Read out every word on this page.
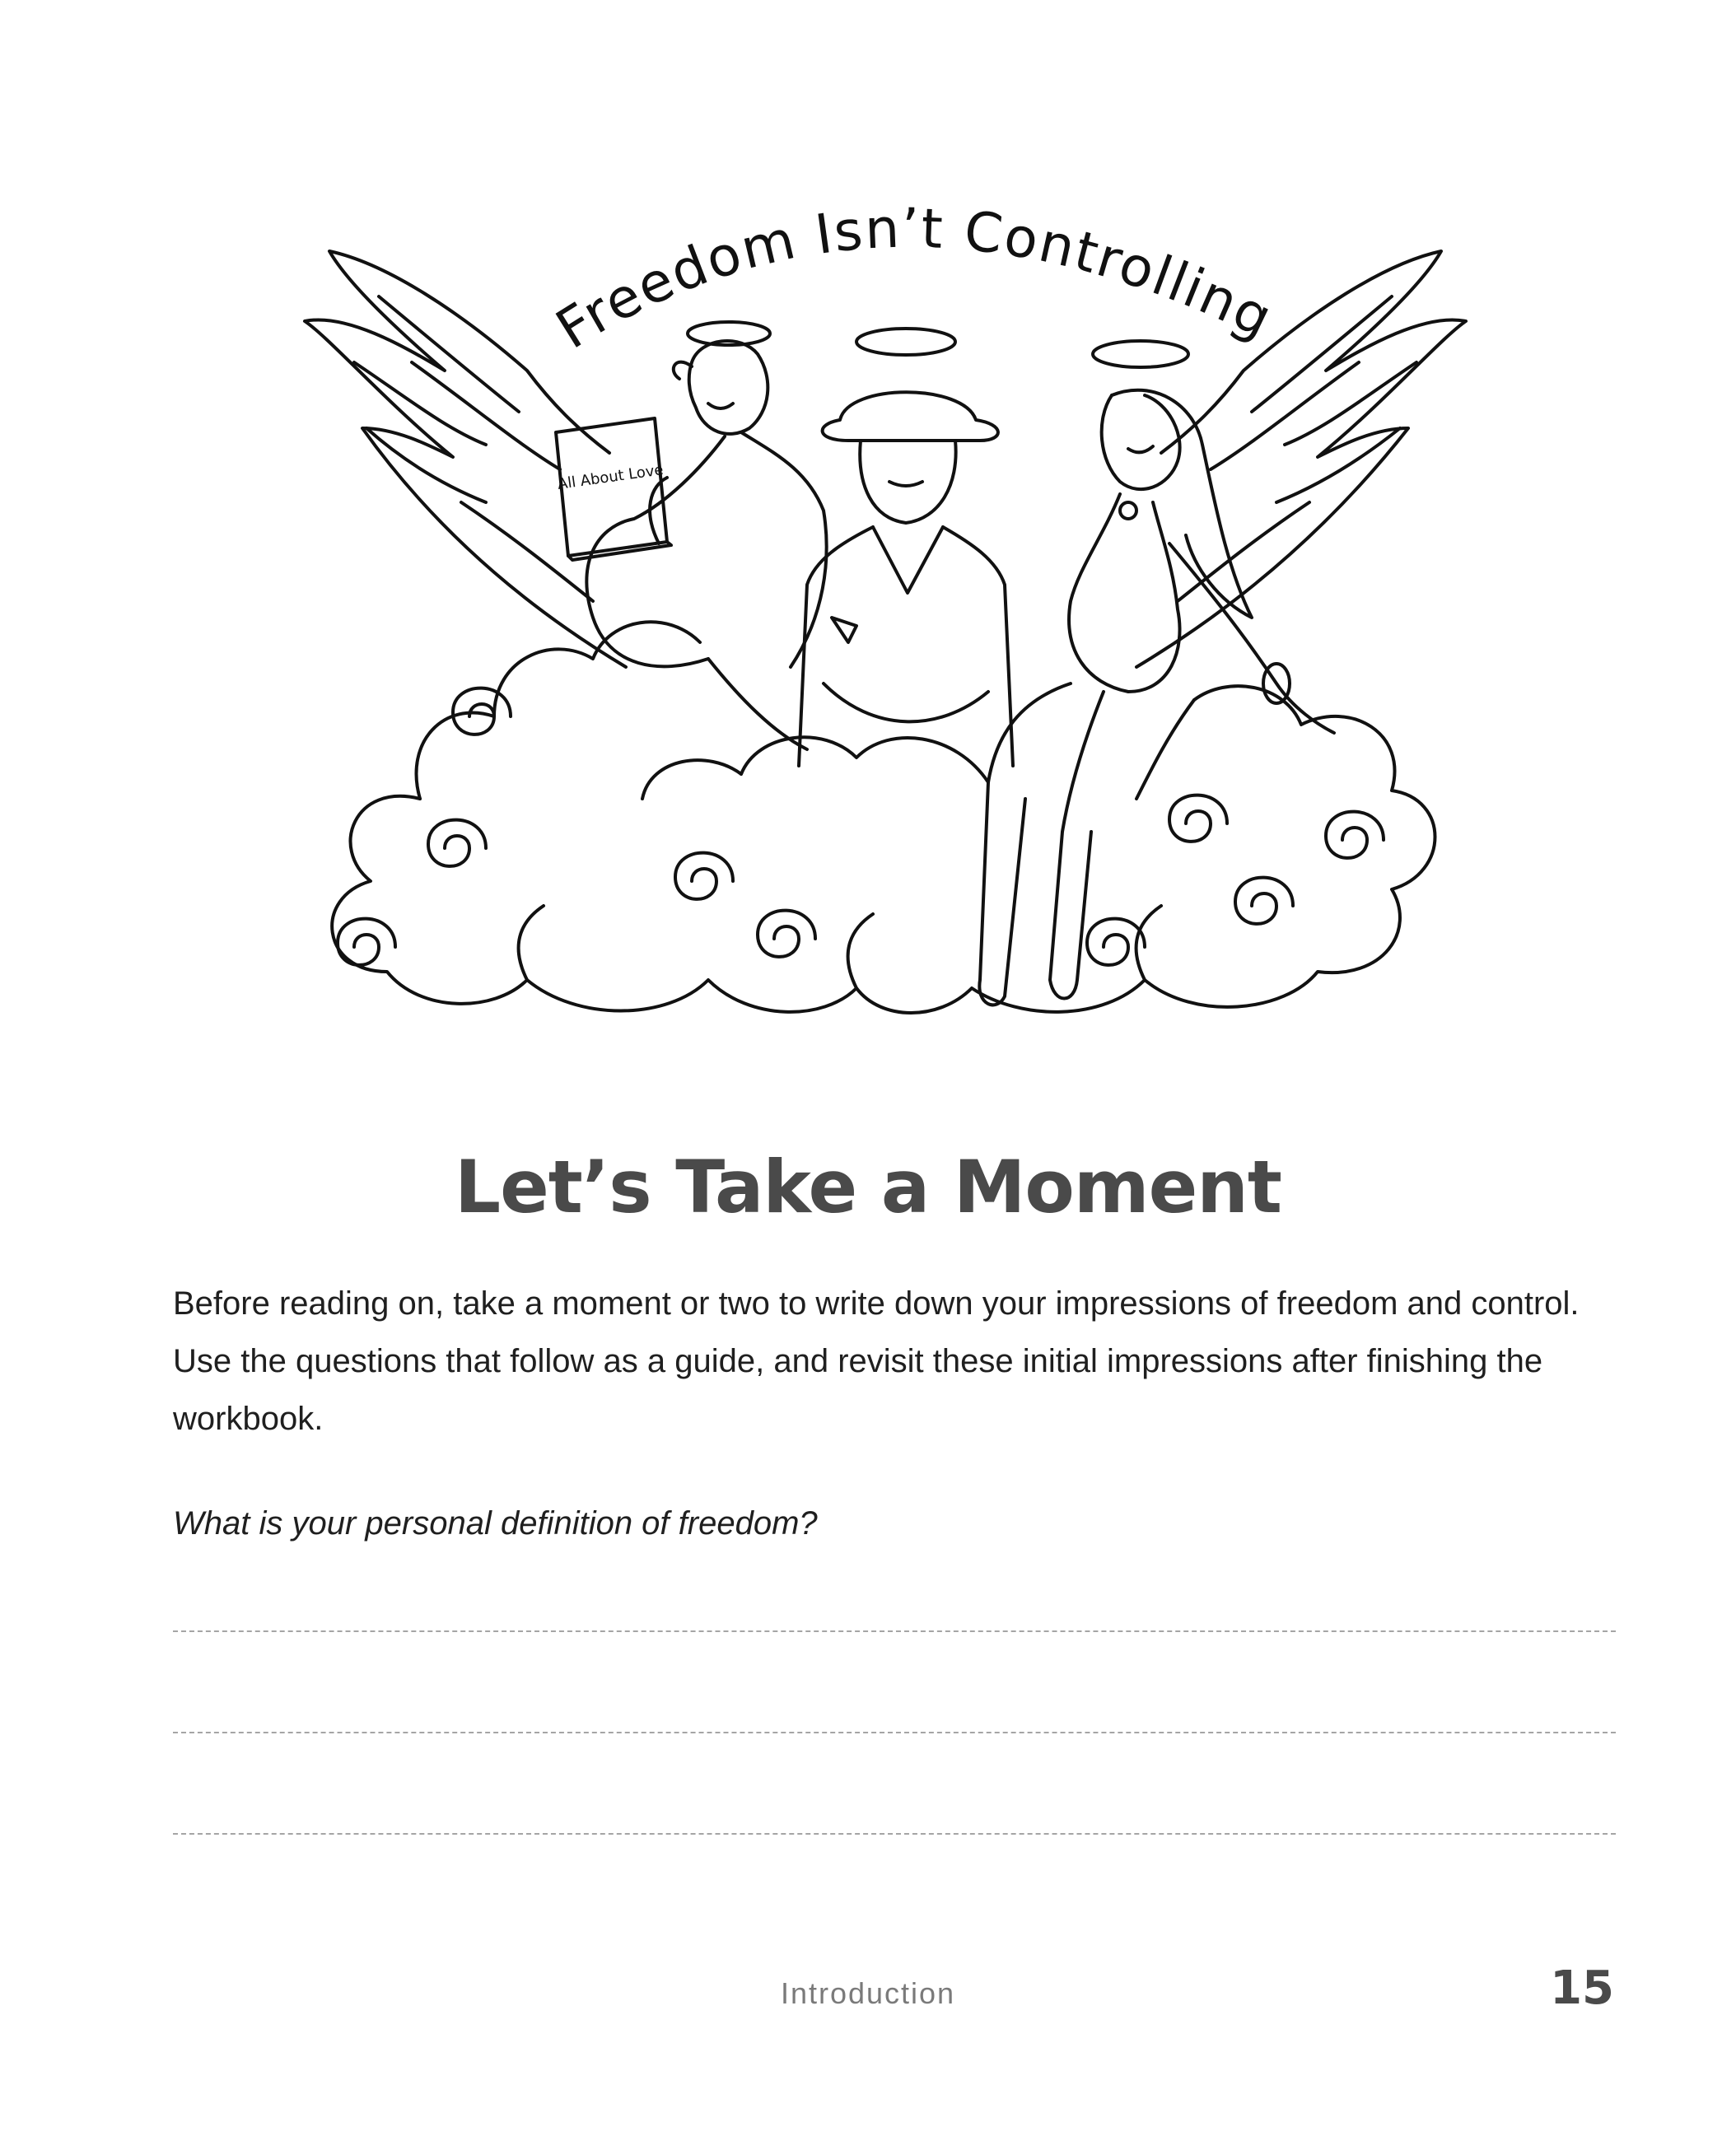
Freedom Isn’t Controlling
All About Love
Let’s Take a Moment

Before reading on, take a moment or two to write down your impressions of freedom and control. Use the questions that follow as a guide, and revisit these initial impressions after finishing the workbook.

What is your personal definition of freedom?

Introduction	15
